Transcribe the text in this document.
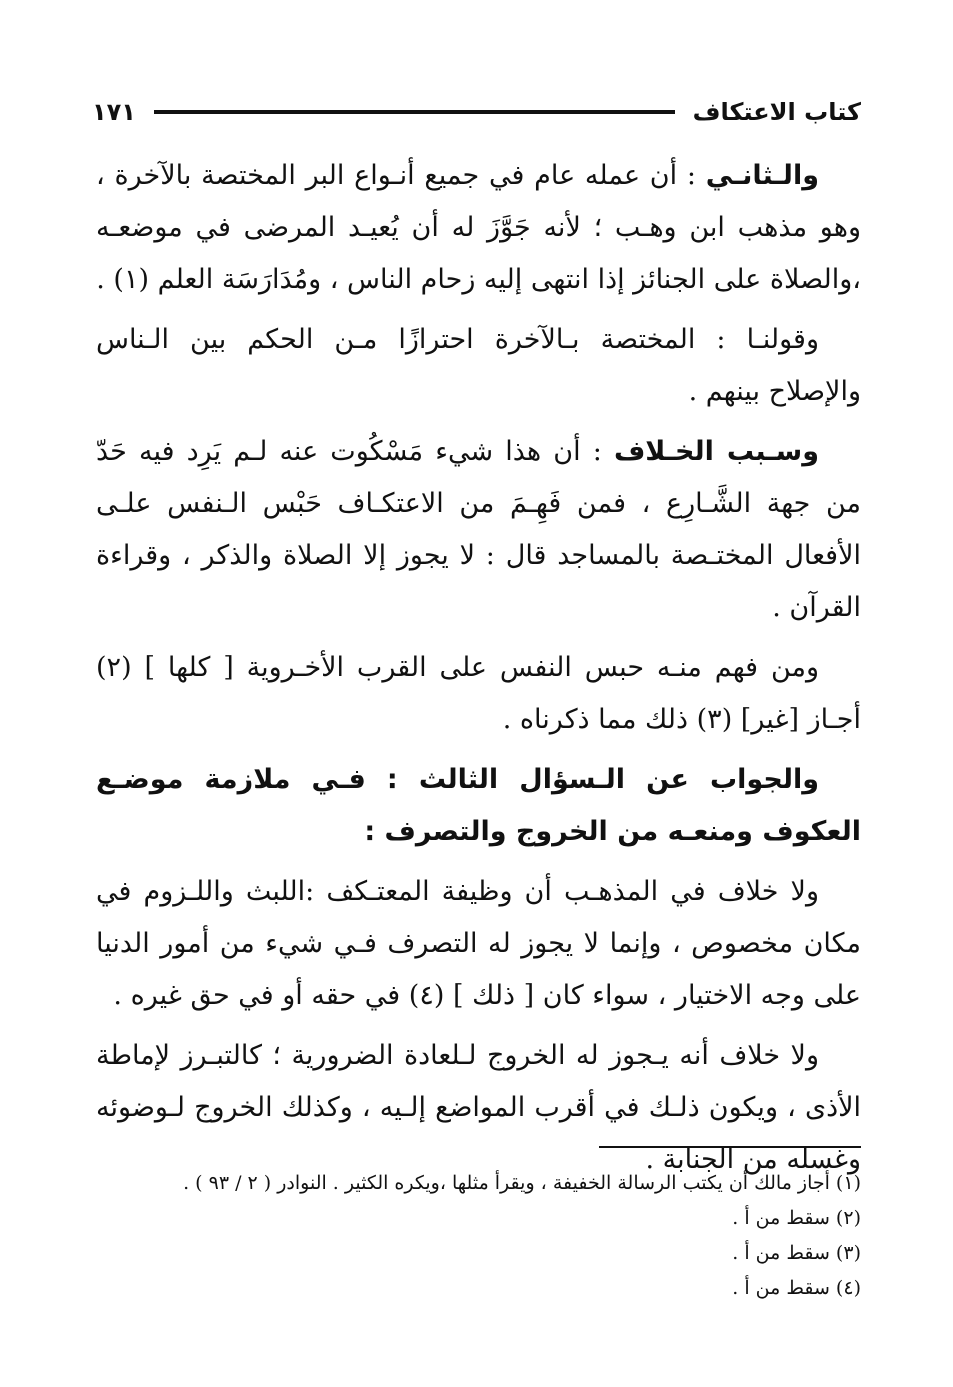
كتاب الاعتكاف
١٧١

والـثانـي : أن عمله عام في جميع أنـواع البر المختصة بالآخرة ، وهو مذهب ابن وهـب ؛ لأنه جَوَّزَ له أن يُعيـد المرضى في موضعـه ،والصلاة على الجنائز إذا انتهى إليه زحام الناس ، ومُدَارَسَة العلم (١) .

وقولنـا : المختصة بـالآخرة احترازًا مـن الحكم بين الـناس والإصلاح بينهم .

وسـبب الخـلاف : أن هذا شيء مَسْكُوت عنه لـم يَرِد فيه حَدّ من جهة الشَّـارِع ، فمن فَهِـمَ من الاعتكـاف حَبْس الـنفس علـى الأفعال المختـصة بالمساجد قال : لا يجوز إلا الصلاة والذكر ، وقراءة القرآن .

ومن فهم منـه حبس النفس على القرب الأخـروية [ كلها ] (٢) أجـاز [غير] (٣) ذلك مما ذكرناه .

والجواب عن الـسؤال الثالث : فـي ملازمة موضـع العكوف ومنعـه من الخروج والتصرف :

ولا خلاف في المذهـب أن وظيفة المعتـكف :اللبث واللـزوم في مكان مخصوص ، وإنما لا يجوز له التصرف فـي شيء من أمور الدنيا على وجه الاختيار ، سواء كان [ ذلك ] (٤) في حقه أو في حق غيره .

ولا خلاف أنه يـجوز له الخروج لـلعادة الضرورية ؛ كالتبـرز لإماطة الأذى ، ويكون ذلـك في أقرب المواضع إلـيه ، وكذلك الخروج لـوضوئه وغسله من الجنابة .

(١) أجاز مالك أن يكتب الرسالة الخفيفة ، ويقرأ مثلها ،ويكره الكثير . النوادر ( ٢ / ٩٣ ) .
(٢) سقط من أ .
(٣) سقط من أ .
(٤) سقط من أ .
